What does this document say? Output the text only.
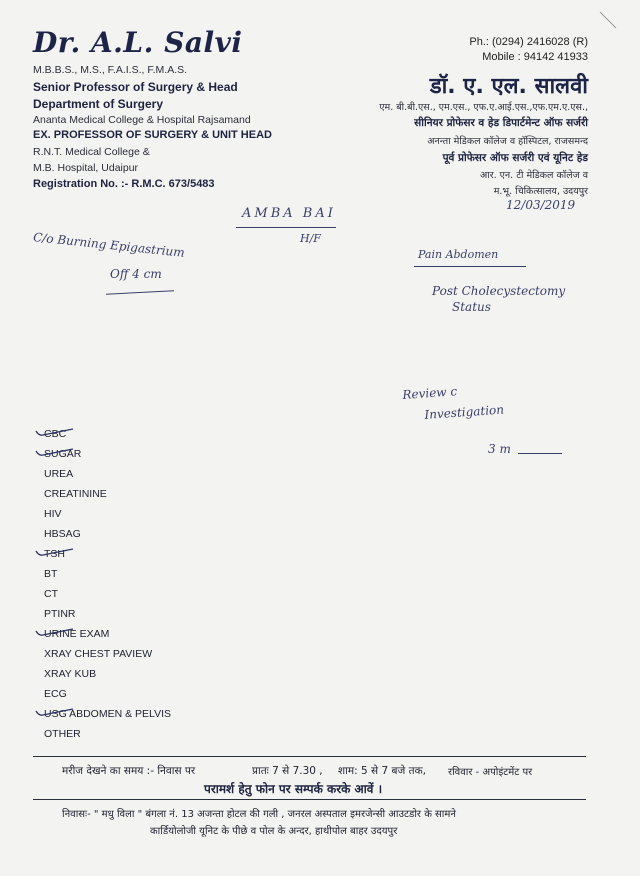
Dr. A.L. Salvi
M.B.B.S., M.S., F.A.I.S., F.M.A.S.
Senior Professor of Surgery & Head
Department of Surgery
Ananta Medical College & Hospital Rajsamand
EX. PROFESSOR OF SURGERY & UNIT HEAD
R.N.T. Medical College &
M.B. Hospital, Udaipur
Registration No. :- R.M.C. 673/5483
Ph.: (0294) 2416028 (R)
Mobile : 94142 41933
डॉ. ए. एल. सालवी
एम. बी.बी.एस., एम.एस., एफ.ए.आई.एस.,एफ.एम.ए.एस.,
सीनियर प्रोफेसर व हेड डिपार्टमेन्ट ऑफ सर्जरी
अनन्ता मेडिकल कॉलेज व हॉस्पिटल, राजसमन्द
पूर्व प्रोफेसर ऑफ सर्जरी एवं यूनिट हेड
आर. एन. टी मेडिकल कॉलेज व
म.भू. चिकित्सालय, उदयपुर
12/03/2019
AMBA BAI
H/F
C/o Burning Epigastrium
Off 4 cm
Pain Abdomen
Post Cholecystectomy
Status
Review c
Investigation
3 m
CBC
SUGAR
UREA
CREATININE
HIV
HBSAG
TSH
BT
CT
PTINR
URINE EXAM
XRAY CHEST PAVIEW
XRAY KUB
ECG
USG ABDOMEN & PELVIS
OTHER
मरीज देखने का समय :- निवास पर	प्रातः 7 से 7.30 , शाम: 5 से 7 बजे तक, रविवार - अपोइंटमेंट पर
परामर्श हेतु फोन पर सम्पर्क करके आवें ।
निवासः- " मधु विला " बंगला नं. 13 अजन्ता होटल की गली , जनरल अस्पताल इमरजेन्सी आउटडोर के सामने
कार्डियोलोजी यूनिट के पीछे व पोल के अन्दर, हाथीपोल बाहर उदयपुर
